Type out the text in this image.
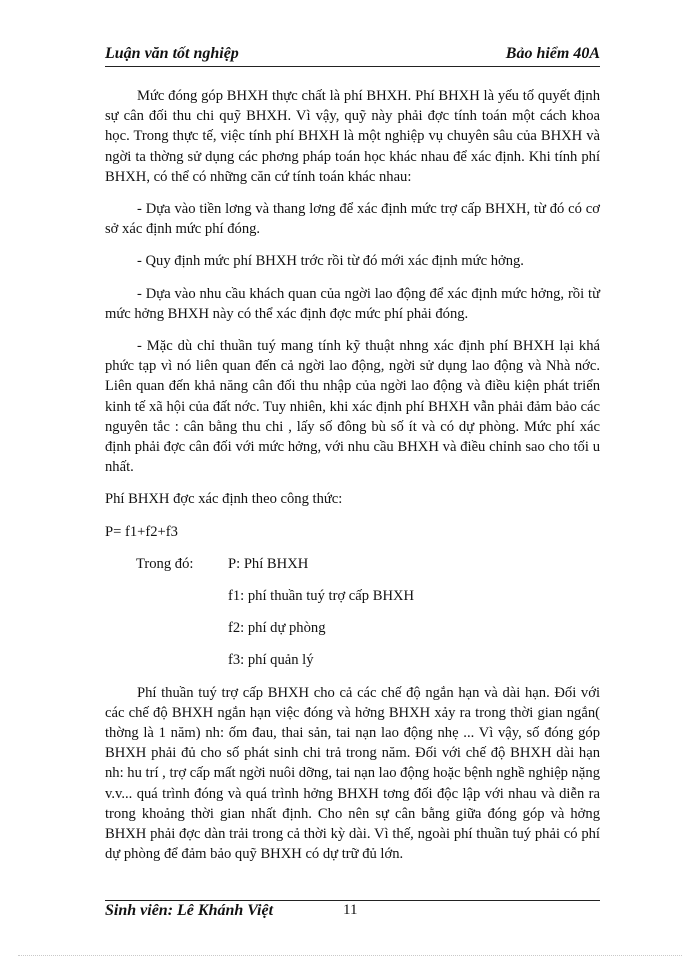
Luận văn tốt nghiệp	Bảo hiểm 40A

Mức đóng góp BHXH thực chất là phí BHXH. Phí BHXH là yếu tố quyết định sự cân đối thu chi quỹ BHXH. Vì vậy, quỹ này phải đợc tính toán một cách khoa học. Trong thực tế, việc tính phí BHXH là một nghiệp vụ chuyên sâu của BHXH và ngời ta thờng sử dụng các phơng pháp toán học khác nhau để xác định. Khi tính phí BHXH, có thể có những căn cứ tính toán khác nhau:

- Dựa vào tiền lơng và thang lơng để xác định mức trợ cấp BHXH, từ đó có cơ sở xác định mức phí đóng.

- Quy định mức phí BHXH trớc rồi từ đó mới xác định mức hởng.

- Dựa vào nhu cầu khách quan của ngời lao động để xác định mức hởng, rồi từ mức hởng BHXH này có thể xác định đợc mức phí phải đóng.

- Mặc dù chỉ thuần tuý mang tính kỹ thuật nhng xác định phí BHXH lại khá phức tạp vì nó liên quan đến cả ngời lao động, ngời sử dụng lao động và Nhà nớc. Liên quan đến khả năng cân đối thu nhập của ngời lao động và điều kiện phát triển kinh tế xã hội của đất nớc. Tuy nhiên, khi xác định phí BHXH vẫn phải đảm bảo các nguyên tắc : cân bằng thu chi , lấy số đông bù số ít và có dự phòng. Mức phí xác định phải đợc cân đối với mức hởng, với nhu cầu BHXH và điều chỉnh sao cho tối u nhất.

Phí BHXH đợc xác định theo công thức:
P= f1+f2+f3
Trong đó: P: Phí BHXH
f1: phí thuần tuý trợ cấp BHXH
f2: phí dự phòng
f3: phí quản lý

Phí thuần tuý trợ cấp BHXH cho cả các chế độ ngắn hạn và dài hạn. Đối với các chế độ BHXH ngắn hạn việc đóng và hởng BHXH xảy ra trong thời gian ngắn( thờng là 1 năm) nh: ốm đau, thai sản, tai nạn lao động nhẹ ... Vì vậy, số đóng góp BHXH phải đủ cho số phát sinh chi trả trong năm. Đối với chế độ BHXH dài hạn nh: hu trí , trợ cấp mất ngời nuôi dỡng, tai nạn lao động hoặc bệnh nghề nghiệp nặng v.v... quá trình đóng và quá trình hởng BHXH tơng đối độc lập với nhau và diễn ra trong khoảng thời gian nhất định. Cho nên sự cân bằng giữa đóng góp và hởng BHXH phải đợc dàn trải trong cả thời kỳ dài. Vì thế, ngoài phí thuần tuý phải có phí dự phòng để đảm bảo quỹ BHXH có dự trữ đủ lớn.

Sinh viên: Lê Khánh Việt	11
